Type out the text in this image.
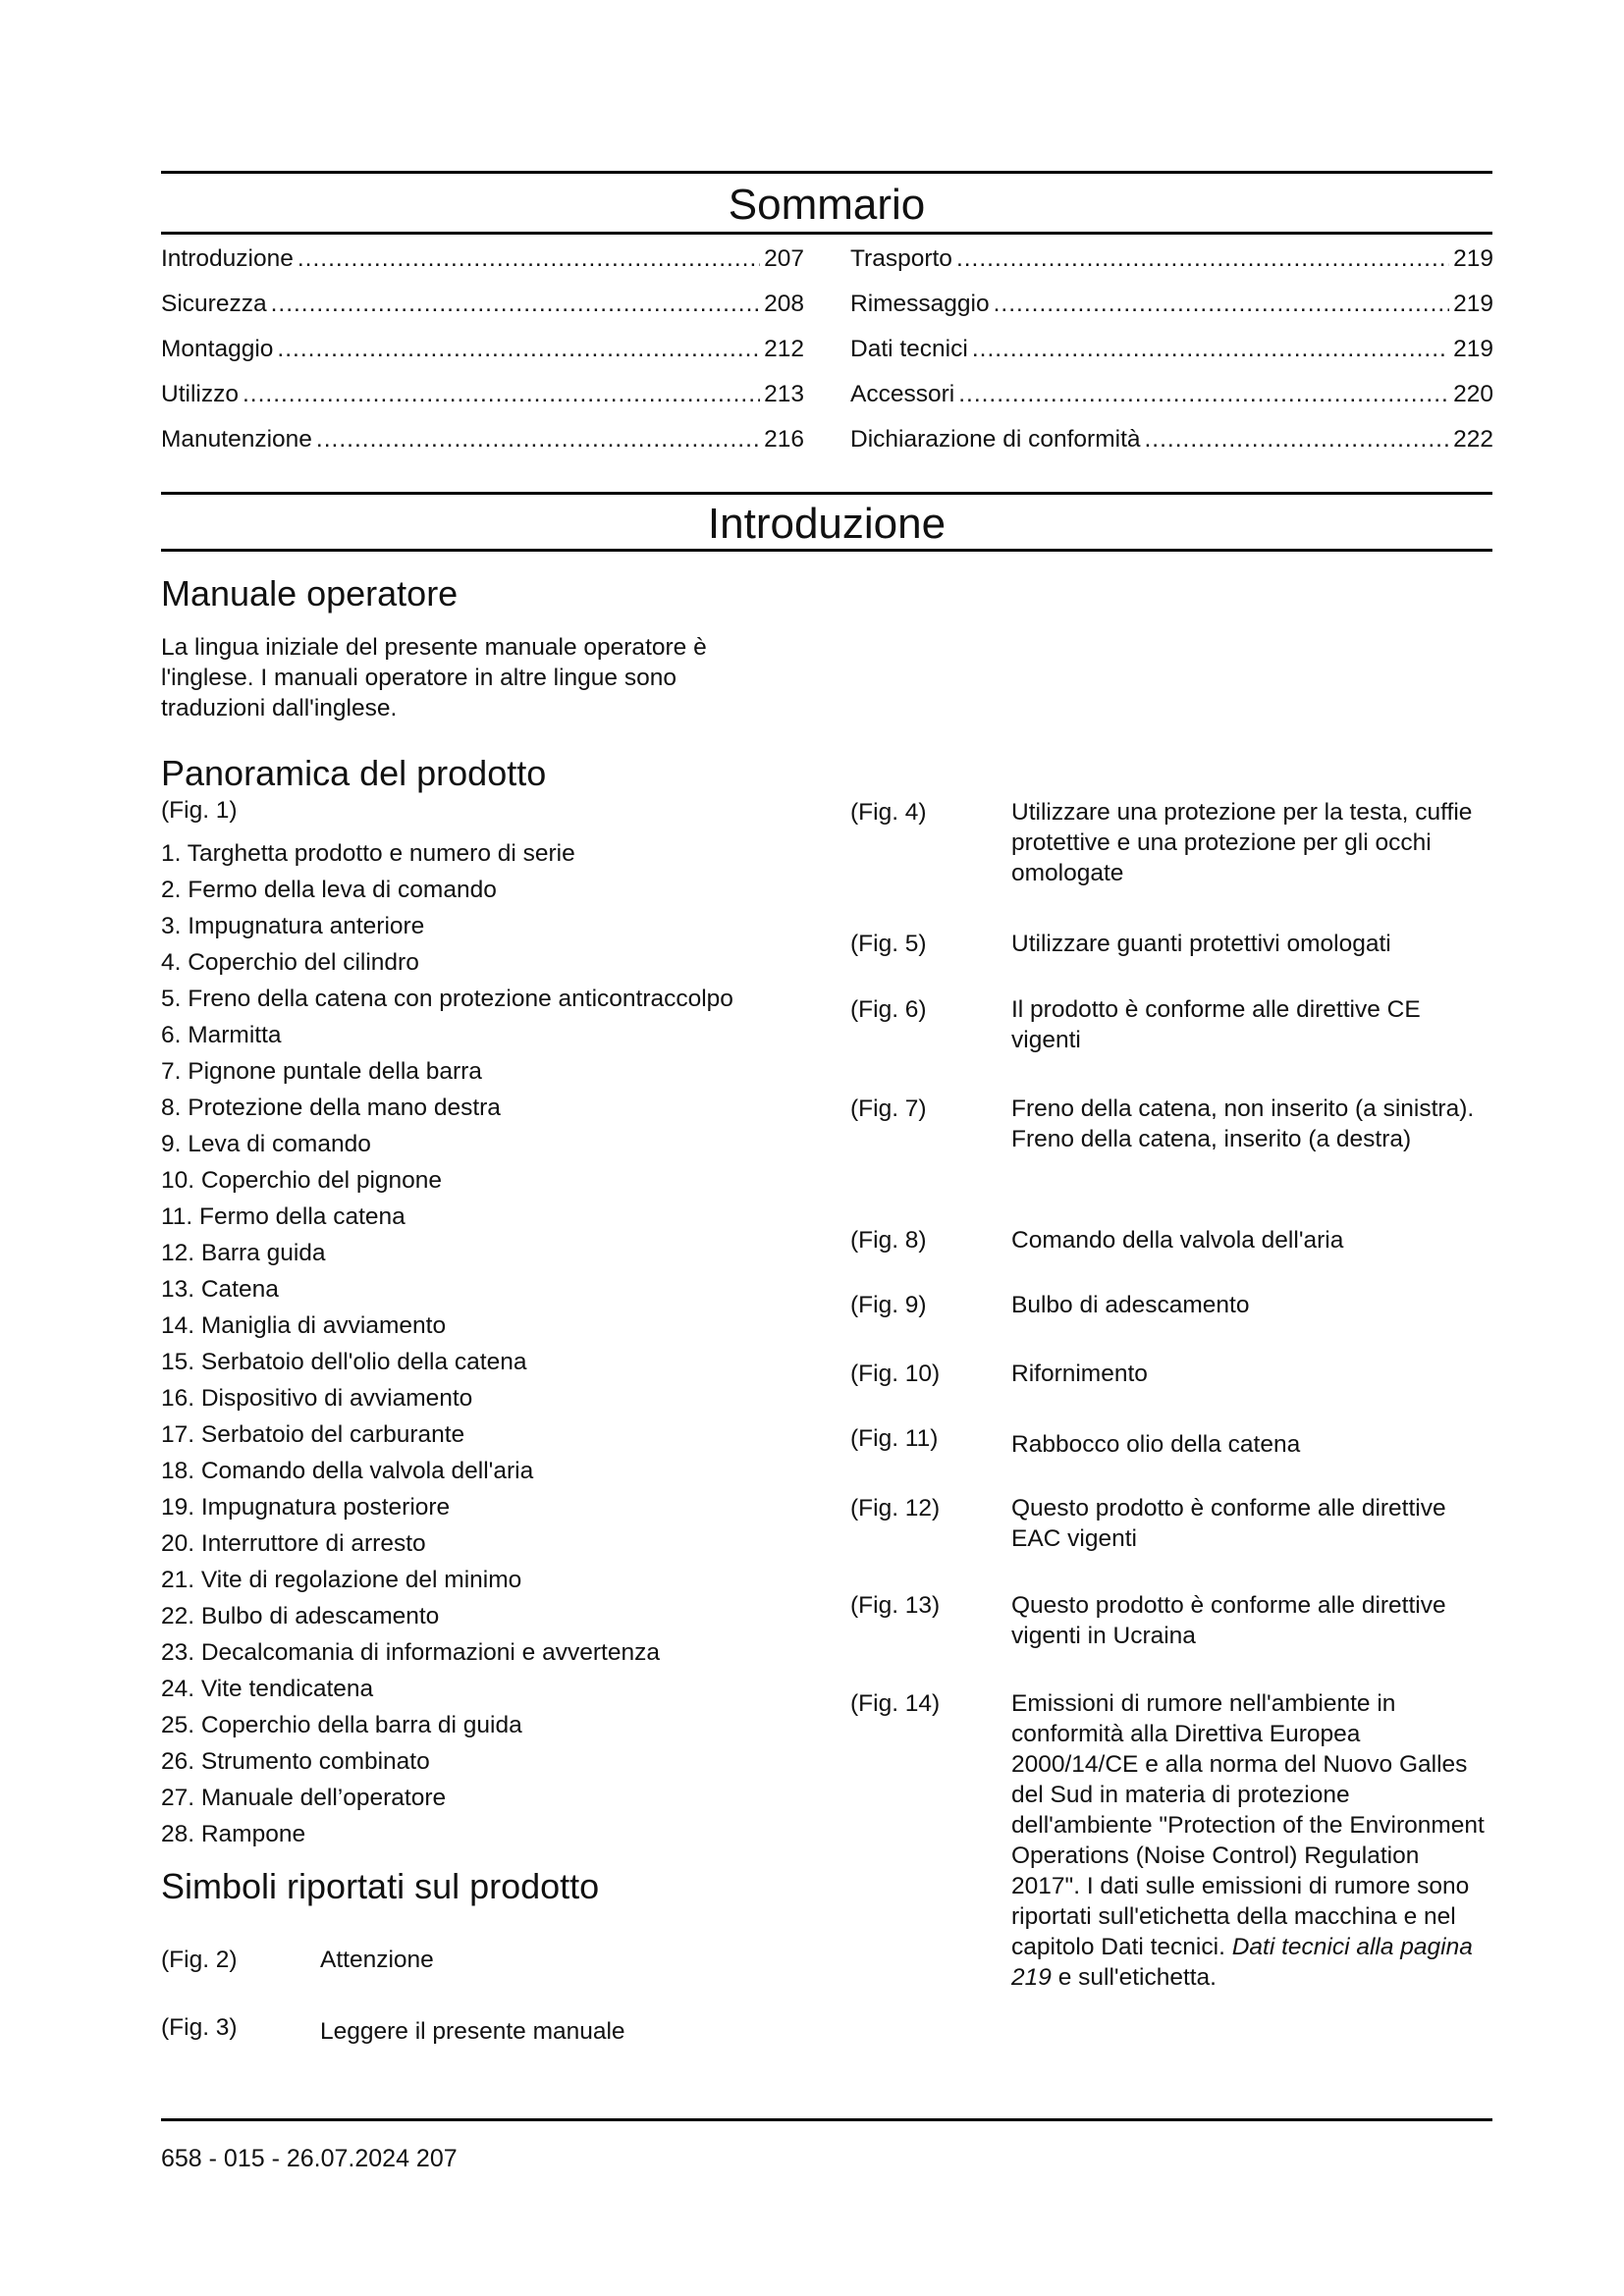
Sommario
Introduzione .....	207
Sicurezza .....	208
Montaggio .....	212
Utilizzo .....	213
Manutenzione .....	216
Trasporto .....	219
Rimessaggio .....	219
Dati tecnici .....	219
Accessori .....	220
Dichiarazione di conformità .....	222
Introduzione
Manuale operatore
La lingua iniziale del presente manuale operatore è l'inglese. I manuali operatore in altre lingue sono traduzioni dall'inglese.
Panoramica del prodotto
(Fig. 1)
1. Targhetta prodotto e numero di serie
2. Fermo della leva di comando
3. Impugnatura anteriore
4. Coperchio del cilindro
5. Freno della catena con protezione anticontraccolpo
6. Marmitta
7. Pignone puntale della barra
8. Protezione della mano destra
9. Leva di comando
10. Coperchio del pignone
11. Fermo della catena
12. Barra guida
13. Catena
14. Maniglia di avviamento
15. Serbatoio dell'olio della catena
16. Dispositivo di avviamento
17. Serbatoio del carburante
18. Comando della valvola dell'aria
19. Impugnatura posteriore
20. Interruttore di arresto
21. Vite di regolazione del minimo
22. Bulbo di adescamento
23. Decalcomania di informazioni e avvertenza
24. Vite tendicatena
25. Coperchio della barra di guida
26. Strumento combinato
27. Manuale dell’operatore
28. Rampone
Simboli riportati sul prodotto
(Fig. 2)	Attenzione
(Fig. 3)	Leggere il presente manuale
(Fig. 4)	Utilizzare una protezione per la testa, cuffie protettive e una protezione per gli occhi omologate
(Fig. 5)	Utilizzare guanti protettivi omologati
(Fig. 6)	Il prodotto è conforme alle direttive CE vigenti
(Fig. 7)	Freno della catena, non inserito (a sinistra). Freno della catena, inserito (a destra)
(Fig. 8)	Comando della valvola dell'aria
(Fig. 9)	Bulbo di adescamento
(Fig. 10)	Rifornimento
(Fig. 11)	Rabbocco olio della catena
(Fig. 12)	Questo prodotto è conforme alle direttive EAC vigenti
(Fig. 13)	Questo prodotto è conforme alle direttive vigenti in Ucraina
(Fig. 14)	Emissioni di rumore nell'ambiente in conformità alla Direttiva Europea 2000/14/CE e alla norma del Nuovo Galles del Sud in materia di protezione dell'ambiente "Protection of the Environment Operations (Noise Control) Regulation 2017". I dati sulle emissioni di rumore sono riportati sull'etichetta della macchina e nel capitolo Dati tecnici. Dati tecnici alla pagina 219 e sull'etichetta.
658 - 015 - 26.07.2024 207
